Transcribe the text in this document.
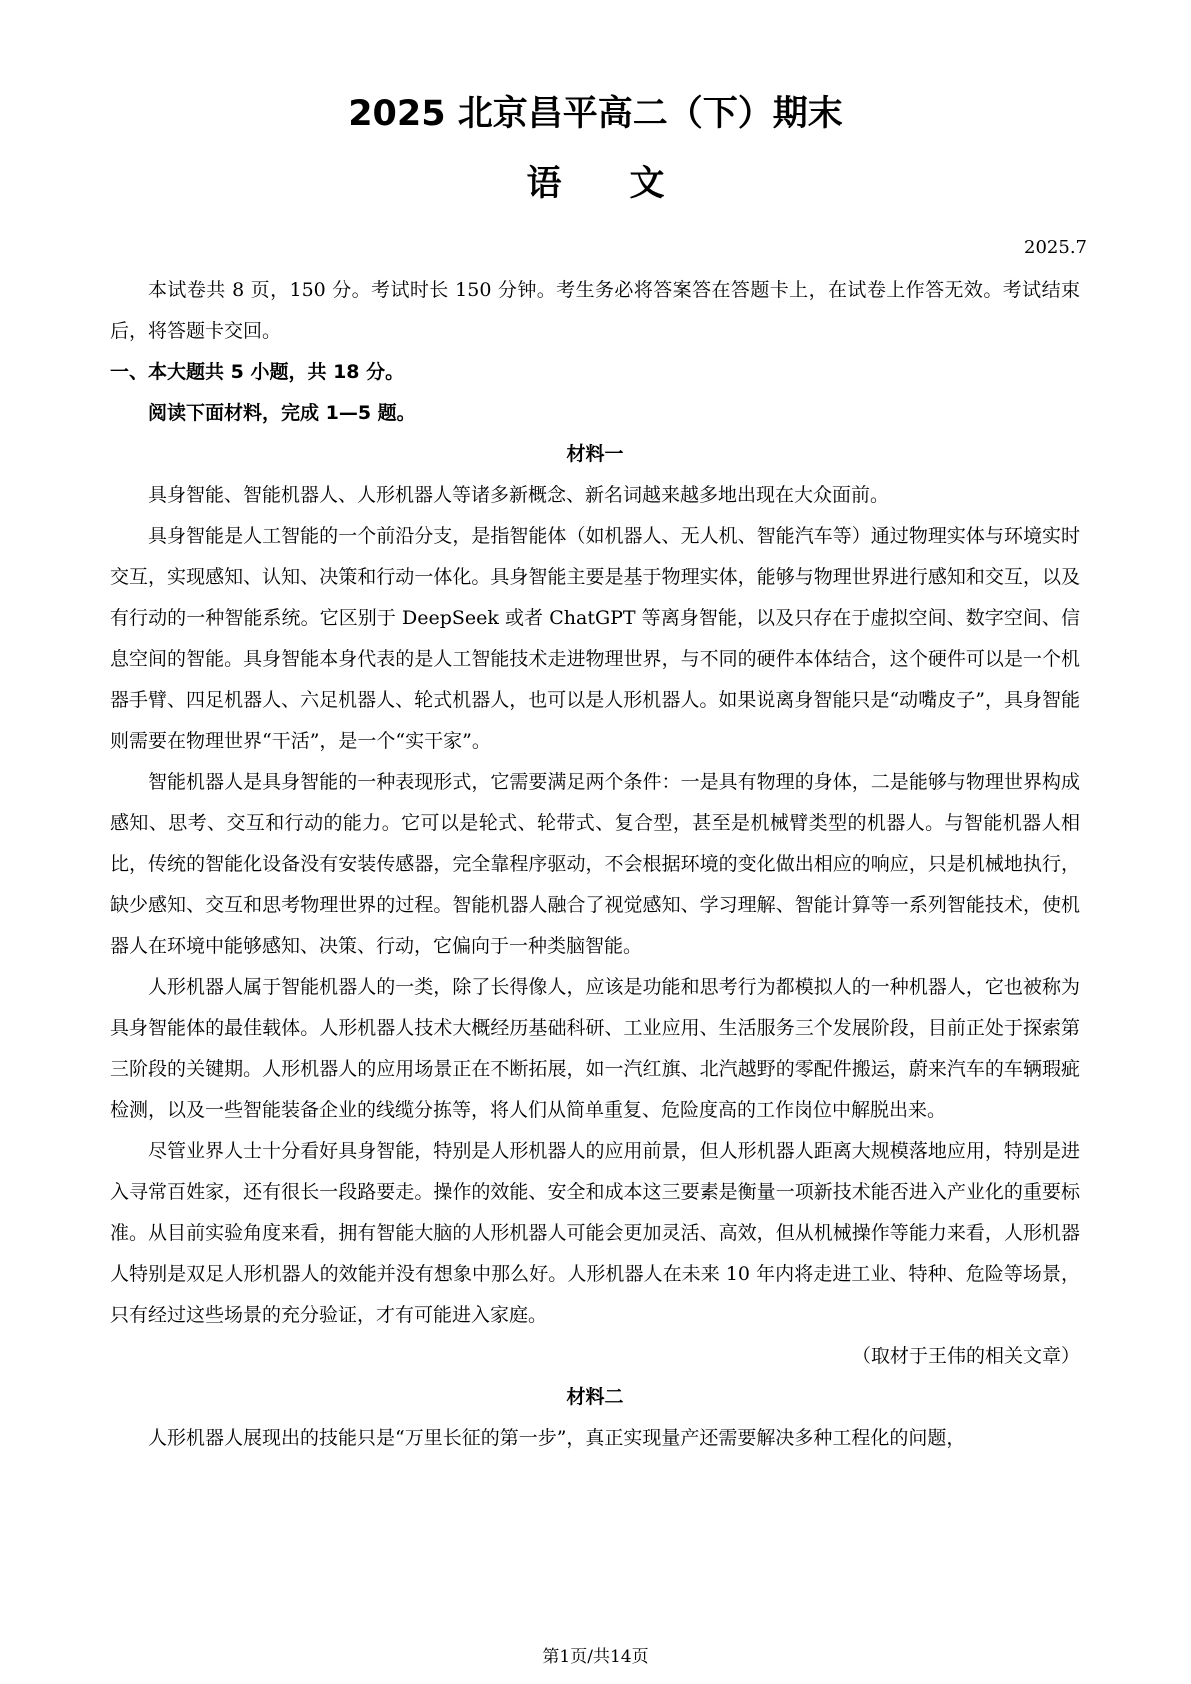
2025 北京昌平高二（下）期末
语文
2025.7

本试卷共 8 页，150 分。考试时长 150 分钟。考生务必将答案答在答题卡上，在试卷上作答无效。考试结束后，将答题卡交回。

一、本大题共 5 小题，共 18 分。

阅读下面材料，完成 1—5 题。

材料一

具身智能、智能机器人、人形机器人等诸多新概念、新名词越来越多地出现在大众面前。

具身智能是人工智能的一个前沿分支，是指智能体（如机器人、无人机、智能汽车等）通过物理实体与环境实时交互，实现感知、认知、决策和行动一体化。具身智能主要是基于物理实体，能够与物理世界进行感知和交互，以及有行动的一种智能系统。它区别于 DeepSeek 或者 ChatGPT 等离身智能，以及只存在于虚拟空间、数字空间、信息空间的智能。具身智能本身代表的是人工智能技术走进物理世界，与不同的硬件本体结合，这个硬件可以是一个机器手臂、四足机器人、六足机器人、轮式机器人，也可以是人形机器人。如果说离身智能只是“动嘴皮子”，具身智能则需要在物理世界“干活”，是一个“实干家”。

智能机器人是具身智能的一种表现形式，它需要满足两个条件：一是具有物理的身体，二是能够与物理世界构成感知、思考、交互和行动的能力。它可以是轮式、轮带式、复合型，甚至是机械臂类型的机器人。与智能机器人相比，传统的智能化设备没有安装传感器，完全靠程序驱动，不会根据环境的变化做出相应的响应，只是机械地执行，缺少感知、交互和思考物理世界的过程。智能机器人融合了视觉感知、学习理解、智能计算等一系列智能技术，使机器人在环境中能够感知、决策、行动，它偏向于一种类脑智能。

人形机器人属于智能机器人的一类，除了长得像人，应该是功能和思考行为都模拟人的一种机器人，它也被称为具身智能体的最佳载体。人形机器人技术大概经历基础科研、工业应用、生活服务三个发展阶段，目前正处于探索第三阶段的关键期。人形机器人的应用场景正在不断拓展，如一汽红旗、北汽越野的零配件搬运，蔚来汽车的车辆瑕疵检测，以及一些智能装备企业的线缆分拣等，将人们从简单重复、危险度高的工作岗位中解脱出来。

尽管业界人士十分看好具身智能，特别是人形机器人的应用前景，但人形机器人距离大规模落地应用，特别是进入寻常百姓家，还有很长一段路要走。操作的效能、安全和成本这三要素是衡量一项新技术能否进入产业化的重要标准。从目前实验角度来看，拥有智能大脑的人形机器人可能会更加灵活、高效，但从机械操作等能力来看，人形机器人特别是双足人形机器人的效能并没有想象中那么好。人形机器人在未来 10 年内将走进工业、特种、危险等场景，只有经过这些场景的充分验证，才有可能进入家庭。

（取材于王伟的相关文章）

材料二

人形机器人展现出的技能只是“万里长征的第一步”，真正实现量产还需要解决多种工程化的问题，

第1页/共14页
